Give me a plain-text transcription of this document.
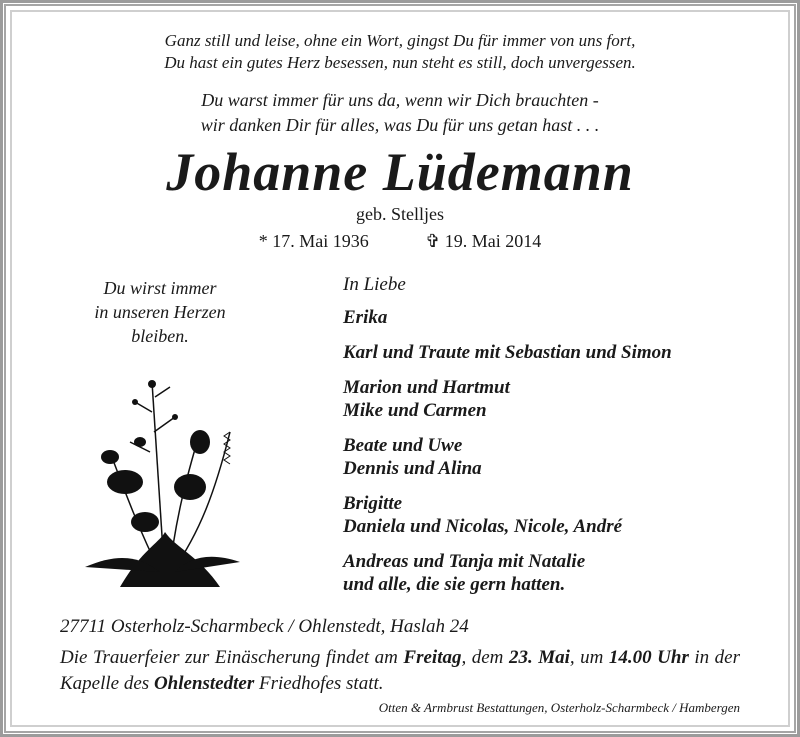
Ganz still und leise, ohne ein Wort, gingst Du für immer von uns fort,
Du hast ein gutes Herz besessen, nun steht es still, doch unvergessen.
Du warst immer für uns da, wenn wir Dich brauchten -
wir danken Dir für alles, was Du für uns getan hast . . .
Johanne Lüdemann
geb. Stelljes
* 17. Mai 1936	✞ 19. Mai 2014
Du wirst immer
in unseren Herzen
bleiben.
In Liebe
Erika
Karl und Traute mit Sebastian und Simon
Marion und Hartmut
Mike und Carmen
Beate und Uwe
Dennis und Alina
Brigitte
Daniela und Nicolas, Nicole, André
Andreas und Tanja mit Natalie
und alle, die sie gern hatten.
27711 Osterholz-Scharmbeck / Ohlenstedt, Haslah 24
Die Trauerfeier zur Einäscherung findet am Freitag, dem 23. Mai, um 14.00 Uhr in der Kapelle des Ohlenstedter Friedhofes statt.
Otten & Armbrust Bestattungen, Osterholz-Scharmbeck / Hambergen
